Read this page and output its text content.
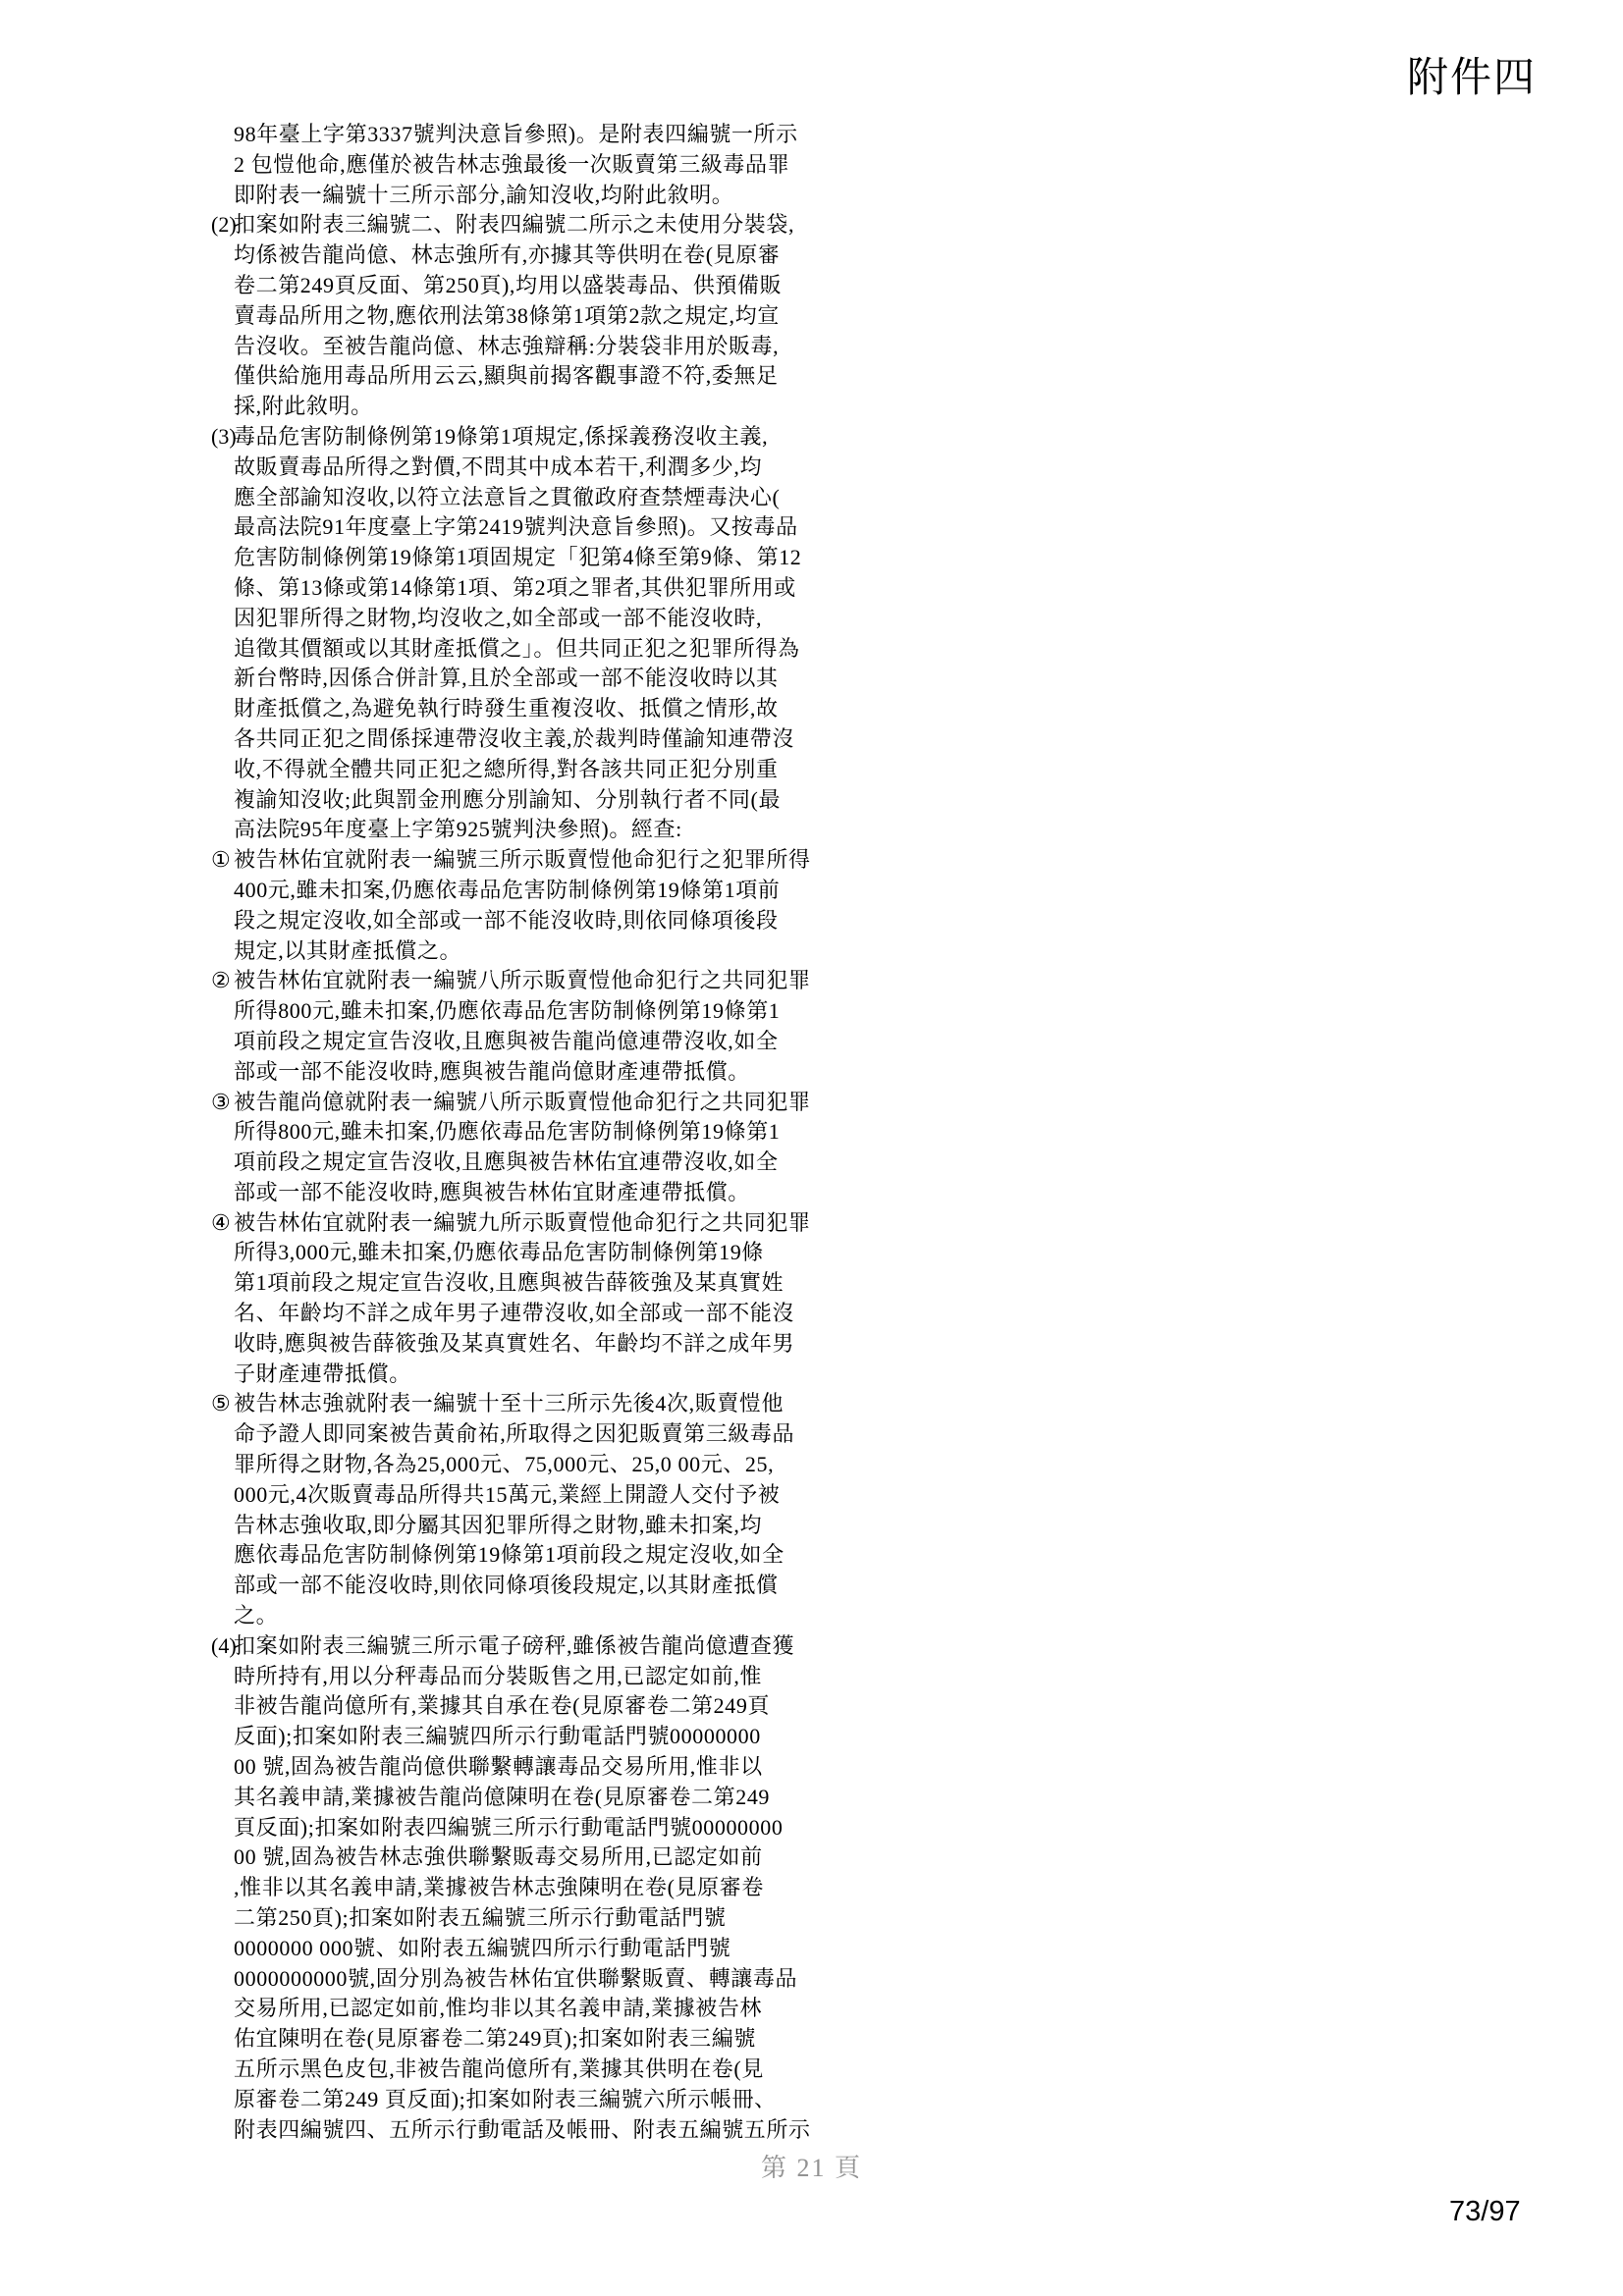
附件四
98年臺上字第3337號判決意旨參照)。是附表四編號一所示
2 包愷他命,應僅於被告林志強最後一次販賣第三級毒品罪
即附表一編號十三所示部分,諭知沒收,均附此敘明。
(2)扣案如附表三編號二、附表四編號二所示之未使用分裝袋,
均係被告龍尚億、林志強所有,亦據其等供明在卷(見原審
卷二第249頁反面、第250頁),均用以盛裝毒品、供預備販
賣毒品所用之物,應依刑法第38條第1項第2款之規定,均宣
告沒收。至被告龍尚億、林志強辯稱:分裝袋非用於販毒,
僅供給施用毒品所用云云,顯與前揭客觀事證不符,委無足
採,附此敘明。
(3)毒品危害防制條例第19條第1項規定,係採義務沒收主義,
故販賣毒品所得之對價,不問其中成本若干,利潤多少,均
應全部諭知沒收,以符立法意旨之貫徹政府查禁煙毒決心(
最高法院91年度臺上字第2419號判決意旨參照)。又按毒品
危害防制條例第19條第1項固規定「犯第4條至第9條、第12
條、第13條或第14條第1項、第2項之罪者,其供犯罪所用或
因犯罪所得之財物,均沒收之,如全部或一部不能沒收時,
追徵其價額或以其財產抵償之」。但共同正犯之犯罪所得為
新台幣時,因係合併計算,且於全部或一部不能沒收時以其
財產抵償之,為避免執行時發生重複沒收、抵償之情形,故
各共同正犯之間係採連帶沒收主義,於裁判時僅諭知連帶沒
收,不得就全體共同正犯之總所得,對各該共同正犯分別重
複諭知沒收;此與罰金刑應分別諭知、分別執行者不同(最
高法院95年度臺上字第925號判決參照)。經查:
① 被告林佑宜就附表一編號三所示販賣愷他命犯行之犯罪所得
400元,雖未扣案,仍應依毒品危害防制條例第19條第1項前
段之規定沒收,如全部或一部不能沒收時,則依同條項後段
規定,以其財產抵償之。
② 被告林佑宜就附表一編號八所示販賣愷他命犯行之共同犯罪
所得800元,雖未扣案,仍應依毒品危害防制條例第19條第1
項前段之規定宣告沒收,且應與被告龍尚億連帶沒收,如全
部或一部不能沒收時,應與被告龍尚億財產連帶抵償。
③ 被告龍尚億就附表一編號八所示販賣愷他命犯行之共同犯罪
所得800元,雖未扣案,仍應依毒品危害防制條例第19條第1
項前段之規定宣告沒收,且應與被告林佑宜連帶沒收,如全
部或一部不能沒收時,應與被告林佑宜財產連帶抵償。
④ 被告林佑宜就附表一編號九所示販賣愷他命犯行之共同犯罪
所得3,000元,雖未扣案,仍應依毒品危害防制條例第19條
第1項前段之規定宣告沒收,且應與被告薛筱強及某真實姓
名、年齡均不詳之成年男子連帶沒收,如全部或一部不能沒
收時,應與被告薛筱強及某真實姓名、年齡均不詳之成年男
子財產連帶抵償。
⑤ 被告林志強就附表一編號十至十三所示先後4次,販賣愷他
命予證人即同案被告黃俞祐,所取得之因犯販賣第三級毒品
罪所得之財物,各為25,000元、75,000元、25,0 00元、25,
000元,4次販賣毒品所得共15萬元,業經上開證人交付予被
告林志強收取,即分屬其因犯罪所得之財物,雖未扣案,均
應依毒品危害防制條例第19條第1項前段之規定沒收,如全
部或一部不能沒收時,則依同條項後段規定,以其財產抵償
之。
(4)扣案如附表三編號三所示電子磅秤,雖係被告龍尚億遭查獲
時所持有,用以分秤毒品而分裝販售之用,已認定如前,惟
非被告龍尚億所有,業據其自承在卷(見原審卷二第249頁
反面);扣案如附表三編號四所示行動電話門號00000000
00 號,固為被告龍尚億供聯繫轉讓毒品交易所用,惟非以
其名義申請,業據被告龍尚億陳明在卷(見原審卷二第249
頁反面);扣案如附表四編號三所示行動電話門號00000000
00 號,固為被告林志強供聯繫販毒交易所用,已認定如前
,惟非以其名義申請,業據被告林志強陳明在卷(見原審卷
二第250頁);扣案如附表五編號三所示行動電話門號
0000000 000號、如附表五編號四所示行動電話門號
0000000000號,固分別為被告林佑宜供聯繫販賣、轉讓毒品
交易所用,已認定如前,惟均非以其名義申請,業據被告林
佑宜陳明在卷(見原審卷二第249頁);扣案如附表三編號
五所示黑色皮包,非被告龍尚億所有,業據其供明在卷(見
原審卷二第249 頁反面);扣案如附表三編號六所示帳冊、
附表四編號四、五所示行動電話及帳冊、附表五編號五所示
第 21 頁
73/97
